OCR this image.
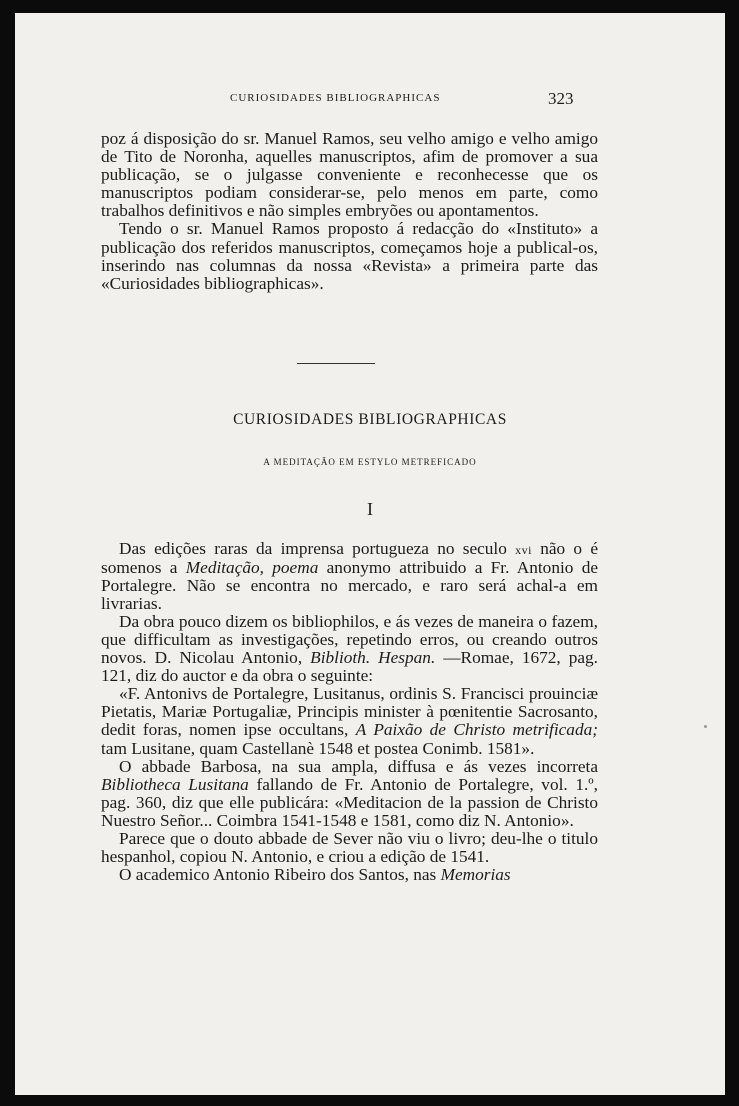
CURIOSIDADES BIBLIOGRAPHICAS	323

poz á disposição do sr. Manuel Ramos, seu velho amigo e velho amigo de Tito de Noronha, aquelles manuscriptos, afim de promover a sua publicação, se o julgasse conveniente e reconhecesse que os manuscriptos podiam considerar-se, pelo menos em parte, como trabalhos definitivos e não simples embryões ou apontamentos.

Tendo o sr. Manuel Ramos proposto á redacção do «Instituto» a publicação dos referidos manuscriptos, começamos hoje a publical-os, inserindo nas columnas da nossa «Revista» a primeira parte das «Curiosidades bibliographicas».

CURIOSIDADES BIBLIOGRAPHICAS
A MEDITAÇÃO EM ESTYLO METREFICADO
I

Das edições raras da imprensa portugueza no seculo xvi não o é somenos a Meditação, poema anonymo attribuido a Fr. Antonio de Portalegre. Não se encontra no mercado, e raro será achal-a em livrarias.

Da obra pouco dizem os bibliophilos, e ás vezes de maneira o fazem, que difficultam as investigações, repetindo erros, ou creando outros novos. D. Nicolau Antonio, Biblioth. Hespan. —Romae, 1672, pag. 121, diz do auctor e da obra o seguinte:

«F. Antonivs de Portalegre, Lusitanus, ordinis S. Francisci prouinciæ Pietatis, Mariæ Portugaliæ, Principis minister à pœnitentie Sacrosanto, dedit foras, nomen ipse occultans, A Paixão de Christo metrificada; tam Lusitane, quam Castellanè 1548 et postea Conimb. 1581».

O abbade Barbosa, na sua ampla, diffusa e ás vezes incorreta Bibliotheca Lusitana fallando de Fr. Antonio de Portalegre, vol. 1.º, pag. 360, diz que elle publicára: «Meditacion de la passion de Christo Nuestro Señor... Coimbra 1541-1548 e 1581, como diz N. Antonio».

Parece que o douto abbade de Sever não viu o livro; deu-lhe o titulo hespanhol, copiou N. Antonio, e criou a edição de 1541.

O academico Antonio Ribeiro dos Santos, nas Memorias
